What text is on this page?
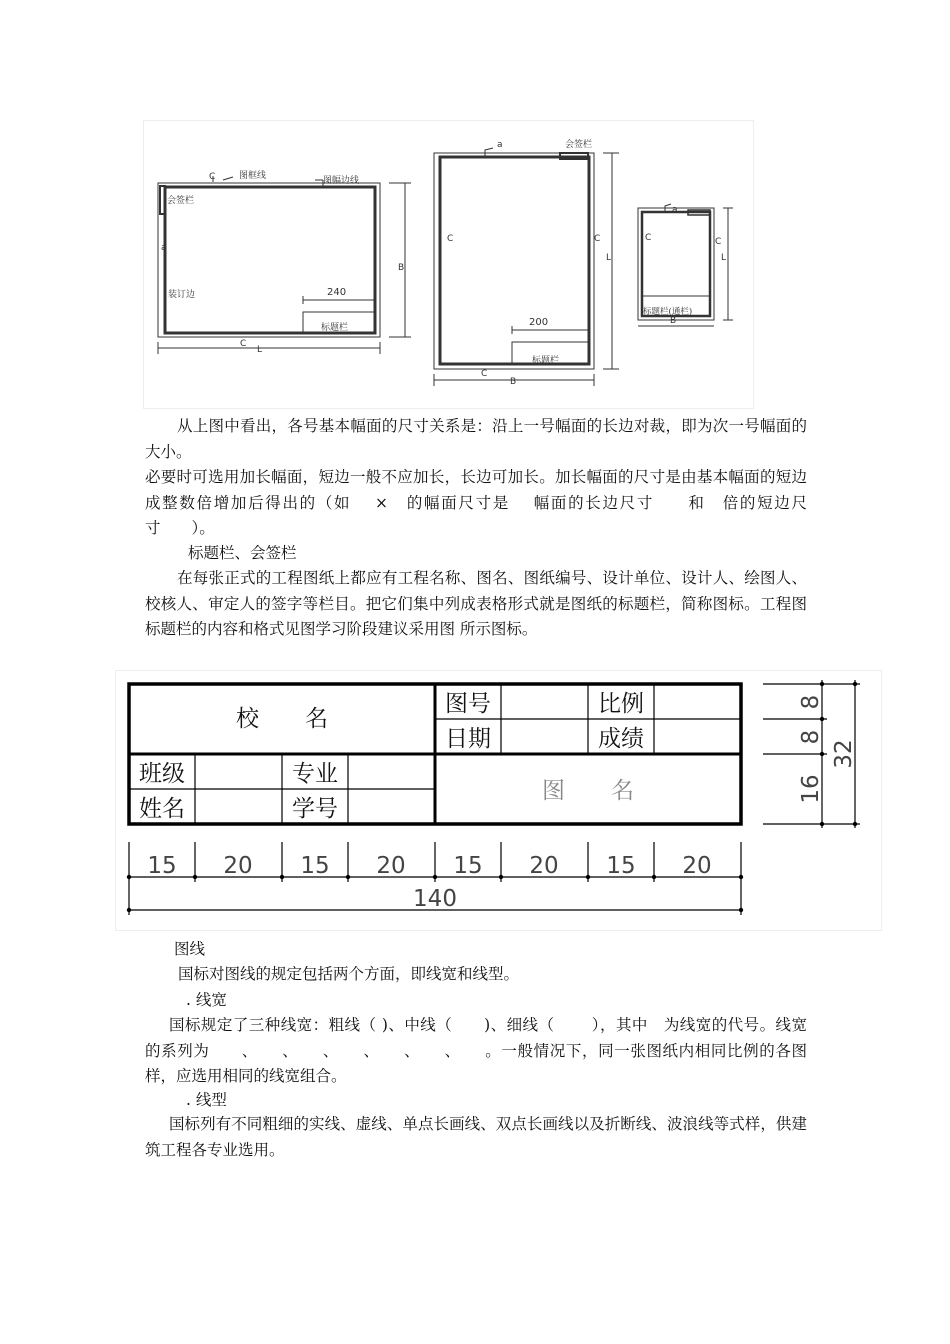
C	图框线	图幅边线
会签栏
装订边
a
B
C
L
240
标题栏
a	会签栏
C	C
200
标题栏
C
B
L
a
C	C
标题栏(通栏)
B
L

从上图中看出，各号基本幅面的尺寸关系是：沿上一号幅面的长边对裁，即为次一号幅面的大小。

必要时可选用加长幅面，短边一般不应加长，长边可加长。加长幅面的尺寸是由基本幅面的短边成整数倍增加后得出的（如　 ×　的幅面尺寸是　 幅面的长边尺寸　　和　倍的短边尺寸　　）。

标题栏、会签栏

在每张正式的工程图纸上都应有工程名称、图名、图纸编号、设计单位、设计人、绘图人、校核人、审定人的签字等栏目。把它们集中列成表格形式就是图纸的标题栏，简称图标。工程图标题栏的内容和格式见图学习阶段建议采用图 所示图标。

校　　名
图号	比例
日期	成绩
班级	专业
姓名	学号
图　　名
15 20 15 20 15 20 15 20
140
8
8
16
32

图线

国标对图线的规定包括两个方面，即线宽和线型。

. 线宽

国标规定了三种线宽：粗线（ )、中线（　　)、细线（　　 ），其中　为线宽的代号。线宽　的系列为　　、　　、　　、　　、　　、　　、　　。一般情况下，同一张图纸内相同比例的各图样，应选用相同的线宽组合。

. 线型

国标列有不同粗细的实线、虚线、单点长画线、双点长画线以及折断线、波浪线等式样，供建筑工程各专业选用。
